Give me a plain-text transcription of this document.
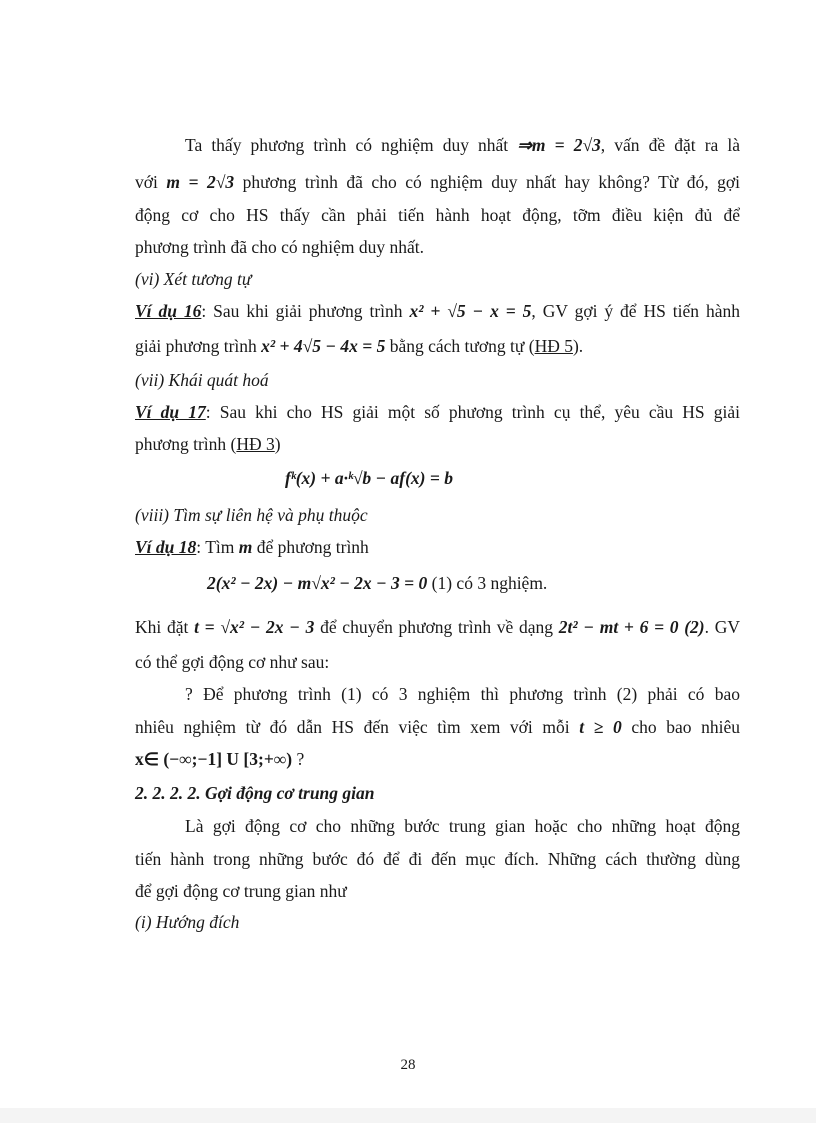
Ta thấy phương trình có nghiệm duy nhất ⇒m = 2√3, vấn đề đặt ra là
với m = 2√3 phương trình đã cho có nghiệm duy nhất hay không? Từ đó, gợi
động cơ cho HS thấy cần phải tiến hành hoạt động, tỡm điều kiện đủ để
phương trình đã cho có nghiệm duy nhất.
(vi) Xét tương tự
Ví dụ 16: Sau khi giải phương trình x² + √5 − x = 5, GV gợi ý để HS tiến hành
giải phương trình x² + 4√5 − 4x = 5 bằng cách tương tự (HĐ 5).
(vii) Khái quát hoá
Ví dụ 17: Sau khi cho HS giải một số phương trình cụ thể, yêu cầu HS giải
phương trình (HĐ 3)
fᵏ(x) + a·ᵏ√b − af(x) = b
(viii) Tìm sự liên hệ và phụ thuộc
Ví dụ 18: Tìm m để phương trình
2(x² − 2x) − m√x² − 2x − 3 = 0 (1) có 3 nghiệm.
Khi đặt t = √x² − 2x − 3 để chuyển phương trình về dạng 2t² − mt + 6 = 0 (2). GV
có thể gợi động cơ như sau:
? Để phương trình (1) có 3 nghiệm thì phương trình (2) phải có bao
nhiêu nghiệm từ đó dẫn HS đến việc tìm xem với mỗi t ≥ 0 cho bao nhiêu
x∈ (−∞;−1] U [3;+∞) ?
2. 2. 2. 2. Gợi động cơ trung gian
Là gợi động cơ cho những bước trung gian hoặc cho những hoạt động
tiến hành trong những bước đó để đi đến mục đích. Những cách thường dùng
để gợi động cơ trung gian như
(i) Hướng đích
28
